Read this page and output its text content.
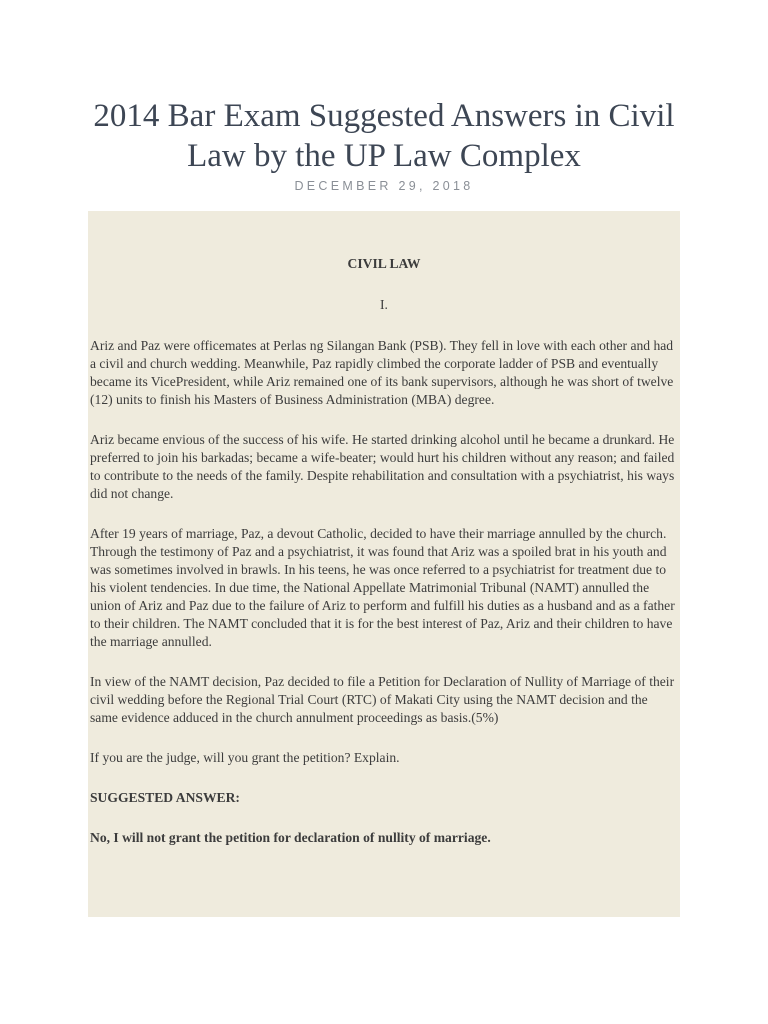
2014 Bar Exam Suggested Answers in Civil Law by the UP Law Complex
DECEMBER 29, 2018

CIVIL LAW

I.

Ariz and Paz were officemates at Perlas ng Silangan Bank (PSB). They fell in love with each other and had a civil and church wedding. Meanwhile, Paz rapidly climbed the corporate ladder of PSB and eventually became its VicePresident, while Ariz remained one of its bank supervisors, although he was short of twelve (12) units to finish his Masters of Business Administration (MBA) degree.

Ariz became envious of the success of his wife. He started drinking alcohol until he became a drunkard. He preferred to join his barkadas; became a wife-beater; would hurt his children without any reason; and failed to contribute to the needs of the family. Despite rehabilitation and consultation with a psychiatrist, his ways did not change.

After 19 years of marriage, Paz, a devout Catholic, decided to have their marriage annulled by the church. Through the testimony of Paz and a psychiatrist, it was found that Ariz was a spoiled brat in his youth and was sometimes involved in brawls. In his teens, he was once referred to a psychiatrist for treatment due to his violent tendencies. In due time, the National Appellate Matrimonial Tribunal (NAMT) annulled the union of Ariz and Paz due to the failure of Ariz to perform and fulfill his duties as a husband and as a father to their children. The NAMT concluded that it is for the best interest of Paz, Ariz and their children to have the marriage annulled.

In view of the NAMT decision, Paz decided to file a Petition for Declaration of Nullity of Marriage of their civil wedding before the Regional Trial Court (RTC) of Makati City using the NAMT decision and the same evidence adduced in the church annulment proceedings as basis.(5%)

If you are the judge, will you grant the petition? Explain.

SUGGESTED ANSWER:

No, I will not grant the petition for declaration of nullity of marriage.
